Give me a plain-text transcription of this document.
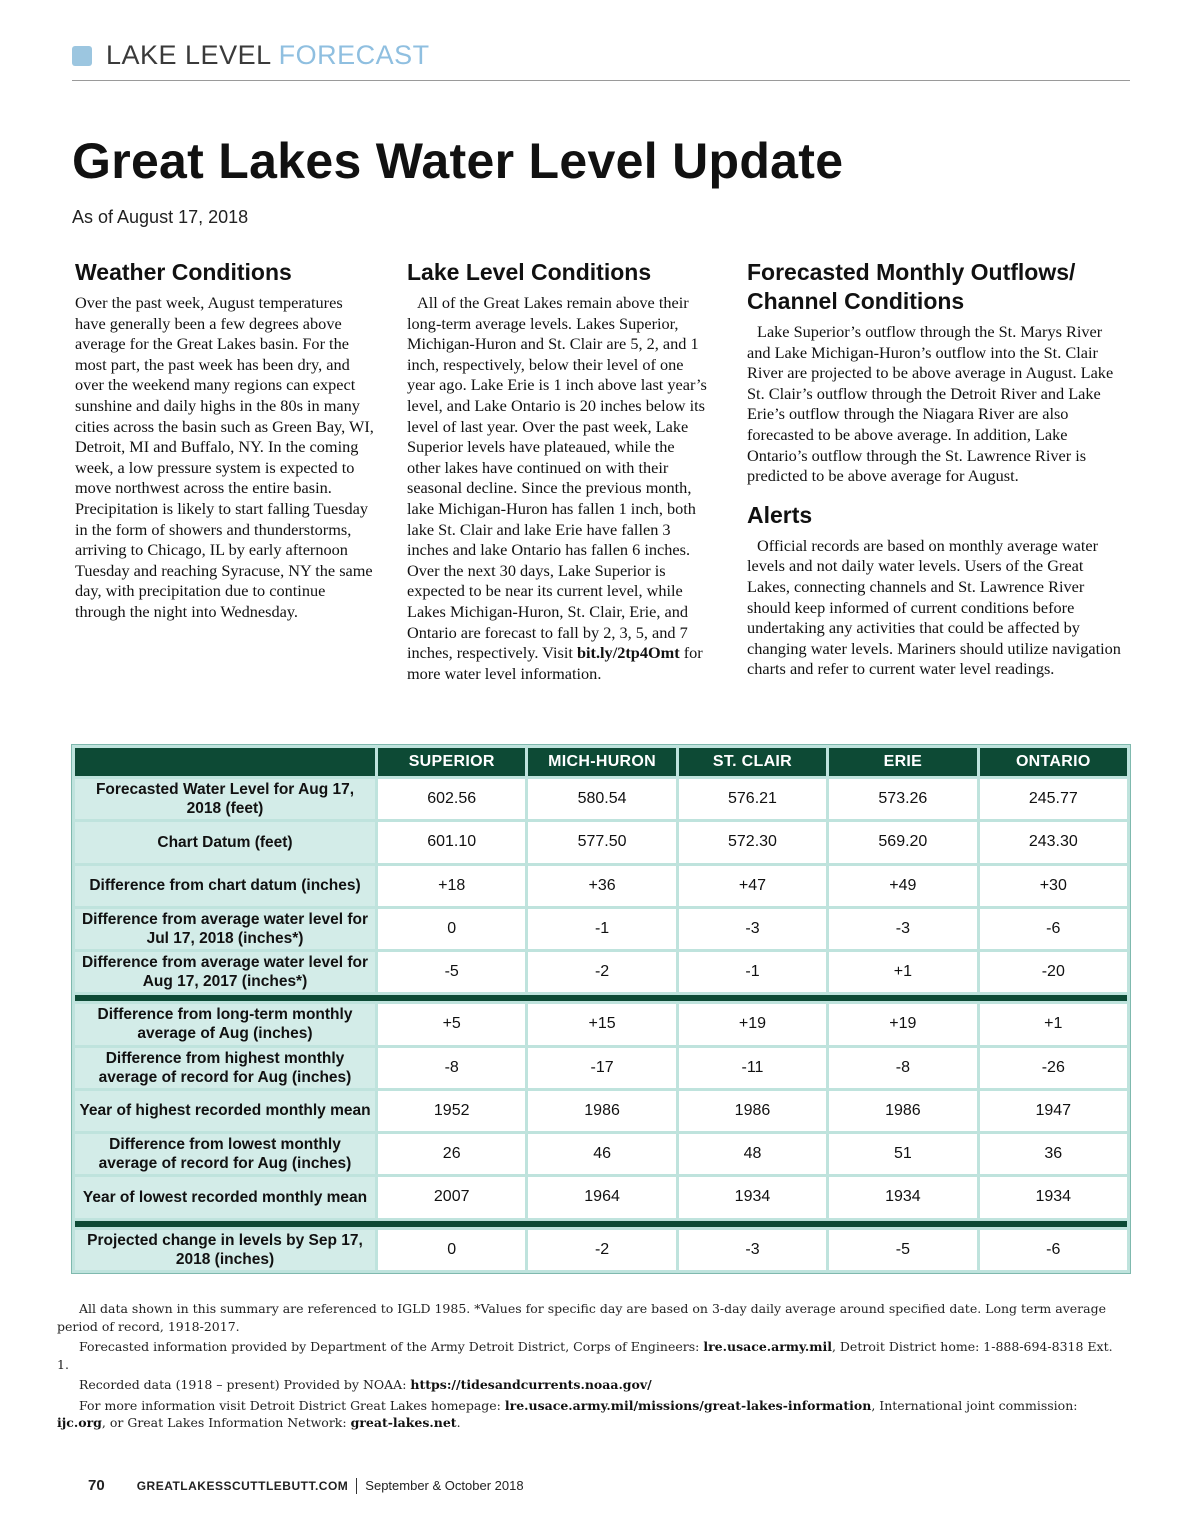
LAKE LEVEL FORECAST
Great Lakes Water Level Update
As of August 17, 2018
Weather Conditions

Over the past week, August temperatures have generally been a few degrees above average for the Great Lakes basin. For the most part, the past week has been dry, and over the weekend many regions can expect sunshine and daily highs in the 80s in many cities across the basin such as Green Bay, WI, Detroit, MI and Buffalo, NY. In the coming week, a low pressure system is expected to move northwest across the entire basin. Precipitation is likely to start falling Tuesday in the form of showers and thunderstorms, arriving to Chicago, IL by early afternoon Tuesday and reaching Syracuse, NY the same day, with precipitation due to continue through the night into Wednesday.

Lake Level Conditions

All of the Great Lakes remain above their long-term average levels. Lakes Superior, Michigan-Huron and St. Clair are 5, 2, and 1 inch, respectively, below their level of one year ago. Lake Erie is 1 inch above last year’s level, and Lake Ontario is 20 inches below its level of last year. Over the past week, Lake Superior levels have plateaued, while the other lakes have continued on with their seasonal decline. Since the previous month, lake Michigan-Huron has fallen 1 inch, both lake St. Clair and lake Erie have fallen 3 inches and lake Ontario has fallen 6 inches. Over the next 30 days, Lake Superior is expected to be near its current level, while Lakes Michigan-Huron, St. Clair, Erie, and Ontario are forecast to fall by 2, 3, 5, and 7 inches, respectively. Visit bit.ly/2tp4Omt for more water level information.

Forecasted Monthly Outflows/ Channel Conditions

Lake Superior’s outflow through the St. Marys River and Lake Michigan-Huron’s outflow into the St. Clair River are projected to be above average in August. Lake St. Clair’s outflow through the Detroit River and Lake Erie’s outflow through the Niagara River are also forecasted to be above average. In addition, Lake Ontario’s outflow through the St. Lawrence River is predicted to be above average for August.

Alerts

Official records are based on monthly average water levels and not daily water levels. Users of the Great Lakes, connecting channels and St. Lawrence River should keep informed of current conditions before undertaking any activities that could be affected by changing water levels. Mariners should utilize navigation charts and refer to current water level readings.

	SUPERIOR	MICH-HURON	ST. CLAIR	ERIE	ONTARIO
Forecasted Water Level for Aug 17, 2018 (feet)	602.56	580.54	576.21	573.26	245.77
Chart Datum (feet)	601.10	577.50	572.30	569.20	243.30
Difference from chart datum (inches)	+18	+36	+47	+49	+30
Difference from average water level for Jul 17, 2018 (inches*)	0	-1	-3	-3	-6
Difference from average water level for Aug 17, 2017 (inches*)	-5	-2	-1	+1	-20

Difference from long-term monthly average of Aug (inches)	+5	+15	+19	+19	+1
Difference from highest monthly average of record for Aug (inches)	-8	-17	-11	-8	-26
Year of highest recorded monthly mean	1952	1986	1986	1986	1947
Difference from lowest monthly average of record for Aug (inches)	26	46	48	51	36
Year of lowest recorded monthly mean	2007	1964	1934	1934	1934

Projected change in levels by Sep 17, 2018 (inches)	0	-2	-3	-5	-6

All data shown in this summary are referenced to IGLD 1985. *Values for specific day are based on 3-day daily average around specified date. Long term average period of record, 1918-2017.

Forecasted information provided by Department of the Army Detroit District, Corps of Engineers: lre.usace.army.mil, Detroit District home: 1-888-694-8318 Ext. 1.

Recorded data (1918 – present) Provided by NOAA: https://tidesandcurrents.noaa.gov/

For more information visit Detroit District Great Lakes homepage: lre.usace.army.mil/missions/great-lakes-information, International joint commission: ijc.org, or Great Lakes Information Network: great-lakes.net.

70	GREATLAKESSCUTTLEBUTT.COM September & October 2018
